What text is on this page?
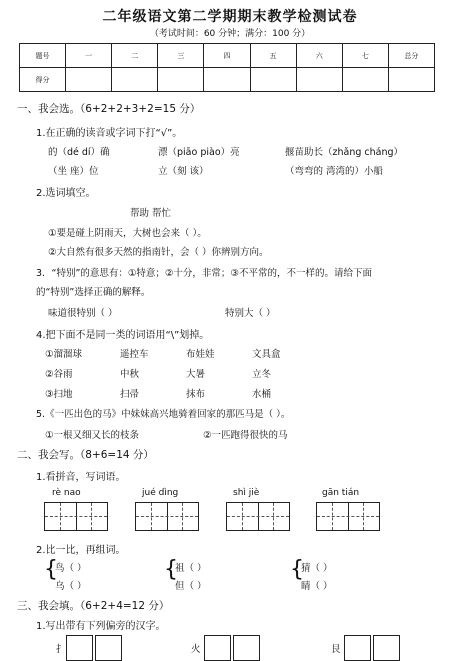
二年级语文第二学期期末教学检测试卷
（考试时间：60 分钟；满分：100 分）
题号	一	二	三	四	五	六	七	总分
得分								
一、我会选。（6+2+2+3+2=15 分）
1.在正确的读音或字词下打“√”。
的（dé dí）确	漂（piāo piào）亮	揠苗助长（zhǎng cháng）
（坐 座）位	立（刻 该）	（弯弯的 湾湾的）小船
2.选词填空。
帮助 帮忙
①要是碰上阴雨天，大树也会来（ ）。
②大自然有很多天然的指南针，会（ ）你辨别方向。
3．“特别”的意思有：①特意；②十分，非常；③不平常的，不一样的。请给下面
的“特别”选择正确的解释。
味道很特别（ ）	特别大（ ）
4.把下面不是同一类的词语用“\”划掉。
①溜溜球	遥控车	布娃娃	文具盒
②谷雨	中秋	大暑	立冬
③扫地	扫帚	抹布	水桶
5.《一匹出色的马》中妹妹高兴地骑着回家的那匹马是（ ）。
①一根又细又长的枝条	②一匹跑得很快的马
二、我会写。（8+6=14 分）
1.看拼音，写词语。
rè nao	jué dìng	shì jiè	gān tián
2.比一比，再组词。
{
鸟（ ）
乌（ ）
{
祖（ ）
但（ ）
{
猜（ ）
睛（ ）
三、我会填。（6+2+4=12 分）
1.写出带有下列偏旁的汉字。
扌	火	艮
